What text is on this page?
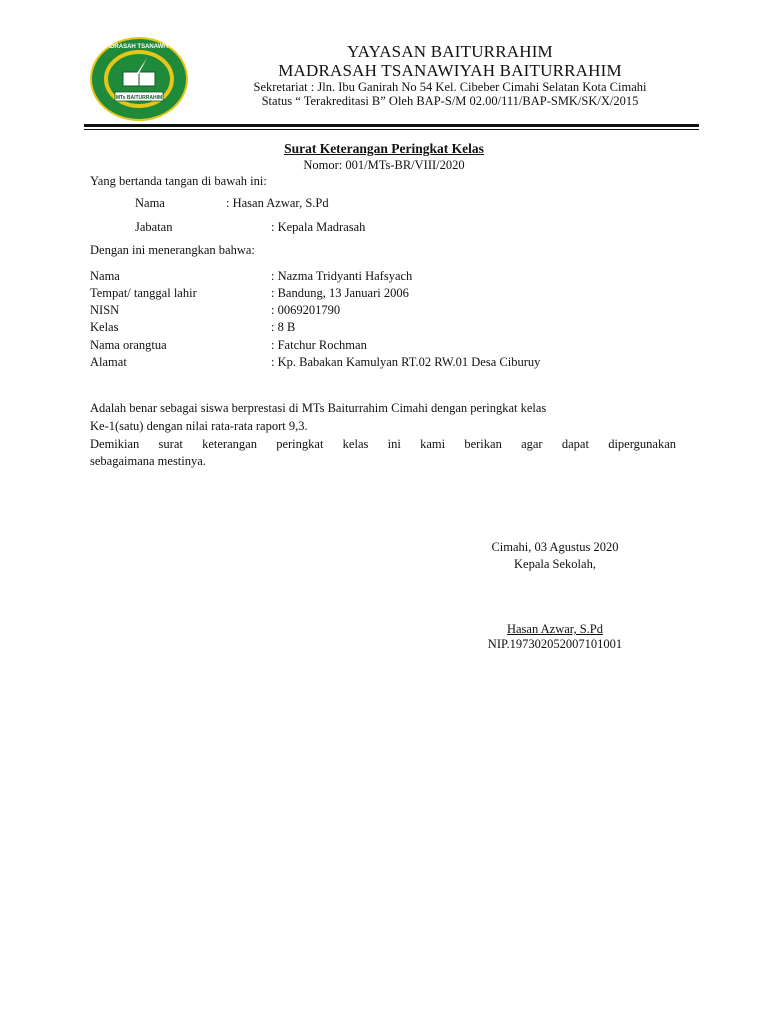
MADRASAH TSANAWIYAH
MTs BAITURRAHIM
YAYASAN BAITURRAHIM
MADRASAH TSANAWIYAH BAITURRAHIM
Sekretariat : Jln. Ibu Ganirah No 54 Kel. Cibeber Cimahi Selatan Kota Cimahi
Status “ Terakreditasi B” Oleh BAP-S/M 02.00/111/BAP-SMK/SK/X/2015
Surat Keterangan Peringkat Kelas
Nomor: 001/MTs-BR/VIII/2020
Yang bertanda tangan di bawah ini:
Nama	: Hasan Azwar, S.Pd
Jabatan	: Kepala Madrasah
Dengan ini menerangkan bahwa:
Nama	: Nazma Tridyanti Hafsyach
Tempat/ tanggal lahir	: Bandung, 13 Januari 2006
NISN	: 0069201790
Kelas	: 8 B
Nama orangtua	: Fatchur Rochman
Alamat	: Kp. Babakan Kamulyan RT.02 RW.01 Desa Ciburuy
Adalah benar sebagai siswa berprestasi di MTs Baiturrahim Cimahi dengan peringkat kelas
Ke-1(satu) dengan nilai rata-rata raport 9,3.
Demikian surat keterangan peringkat kelas ini kami berikan agar dapat dipergunakan
sebagaimana mestinya.
Cimahi, 03 Agustus 2020
Kepala Sekolah,
Hasan Azwar, S.Pd
NIP.197302052007101001
